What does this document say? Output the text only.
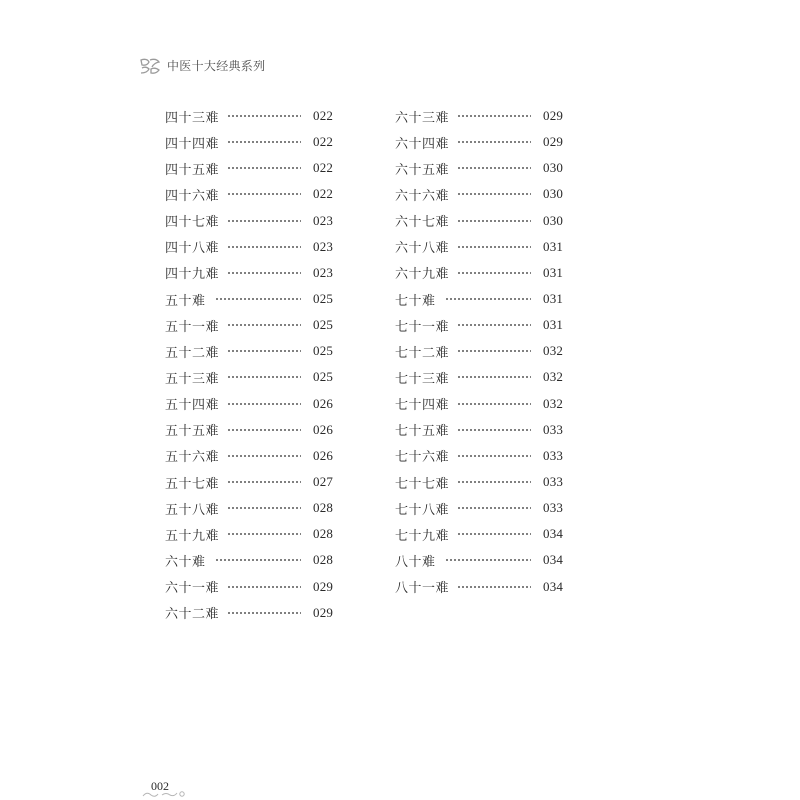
中医十大经典系列
四十三难	022
四十四难	022
四十五难	022
四十六难	022
四十七难	023
四十八难	023
四十九难	023
五十难	025
五十一难	025
五十二难	025
五十三难	025
五十四难	026
五十五难	026
五十六难	026
五十七难	027
五十八难	028
五十九难	028
六十难	028
六十一难	029
六十二难	029
六十三难	029
六十四难	029
六十五难	030
六十六难	030
六十七难	030
六十八难	031
六十九难	031
七十难	031
七十一难	031
七十二难	032
七十三难	032
七十四难	032
七十五难	033
七十六难	033
七十七难	033
七十八难	033
七十九难	034
八十难	034
八十一难	034
002
